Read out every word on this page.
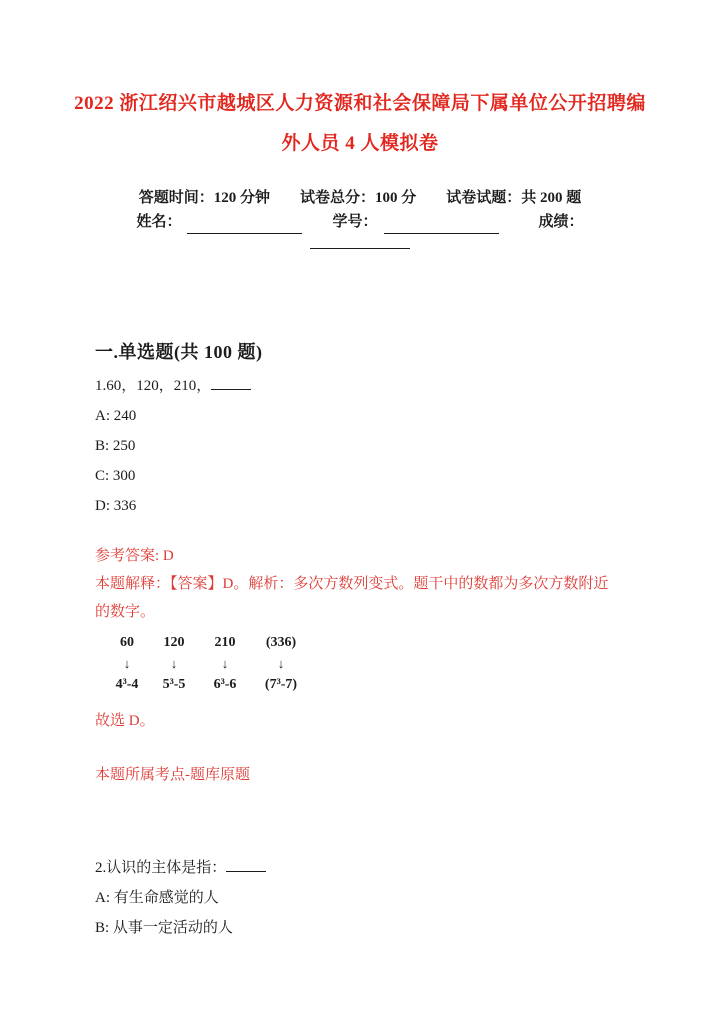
2022 浙江绍兴市越城区人力资源和社会保障局下属单位公开招聘编
外人员 4 人模拟卷
答题时间：120 分钟 试卷总分：100 分 试卷试题：共 200 题
姓名：	学号：	成绩：
一.单选题(共 100 题)
1.60，120，210，
A: 240
B: 250
C: 300
D: 336
参考答案: D
本题解释：【答案】D。解析：多次方数列变式。题干中的数都为多次方数附近
的数字。
60
↓
4³-4
120
↓
5³-5
210
↓
6³-6
(336)
↓
(7³-7)
故选 D。
本题所属考点-题库原题
2.认识的主体是指：
A: 有生命感觉的人
B: 从事一定活动的人
